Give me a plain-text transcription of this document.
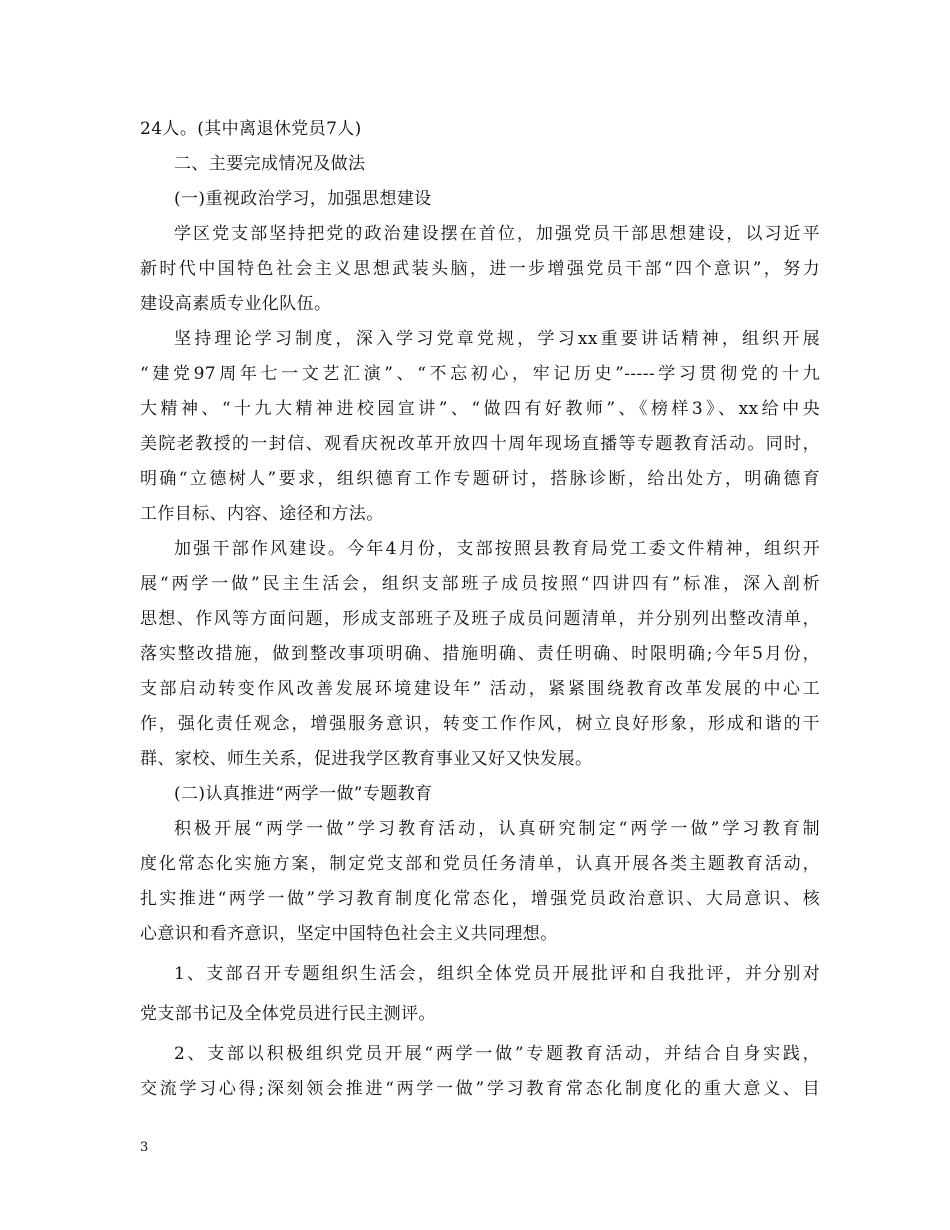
24人。(其中离退休党员7人)
二、主要完成情况及做法
(一)重视政治学习，加强思想建设
学区党支部坚持把党的政治建设摆在首位，加强党员干部思想建设，以习近平
新时代中国特色社会主义思想武装头脑，进一步增强党员干部“四个意识”，努力
建设高素质专业化队伍。
坚持理论学习制度，深入学习党章党规，学习xx重要讲话精神，组织开展
“建党97周年七一文艺汇演”、“不忘初心，牢记历史”-----学习贯彻党的十九
大精神、“十九大精神进校园宣讲”、“做四有好教师”、《榜样3》、xx给中央
美院老教授的一封信、观看庆祝改革开放四十周年现场直播等专题教育活动。同时，
明确“立德树人”要求，组织德育工作专题研讨，搭脉诊断，给出处方，明确德育
工作目标、内容、途径和方法。
加强干部作风建设。今年4月份，支部按照县教育局党工委文件精神，组织开
展“两学一做”民主生活会，组织支部班子成员按照“四讲四有”标准，深入剖析
思想、作风等方面问题，形成支部班子及班子成员问题清单，并分别列出整改清单，
落实整改措施，做到整改事项明确、措施明确、责任明确、时限明确;今年5月份，
支部启动转变作风改善发展环境建设年” 活动，紧紧围绕教育改革发展的中心工
作，强化责任观念，增强服务意识，转变工作作风，树立良好形象，形成和谐的干
群、家校、师生关系，促进我学区教育事业又好又快发展。
(二)认真推进“两学一做”专题教育
积极开展“两学一做”学习教育活动，认真研究制定“两学一做”学习教育制
度化常态化实施方案，制定党支部和党员任务清单，认真开展各类主题教育活动，
扎实推进“两学一做”学习教育制度化常态化，增强党员政治意识、大局意识、核
心意识和看齐意识，坚定中国特色社会主义共同理想。
1、支部召开专题组织生活会，组织全体党员开展批评和自我批评，并分别对
党支部书记及全体党员进行民主测评。
2、支部以积极组织党员开展“两学一做”专题教育活动，并结合自身实践，
交流学习心得;深刻领会推进“两学一做”学习教育常态化制度化的重大意义、目
3
